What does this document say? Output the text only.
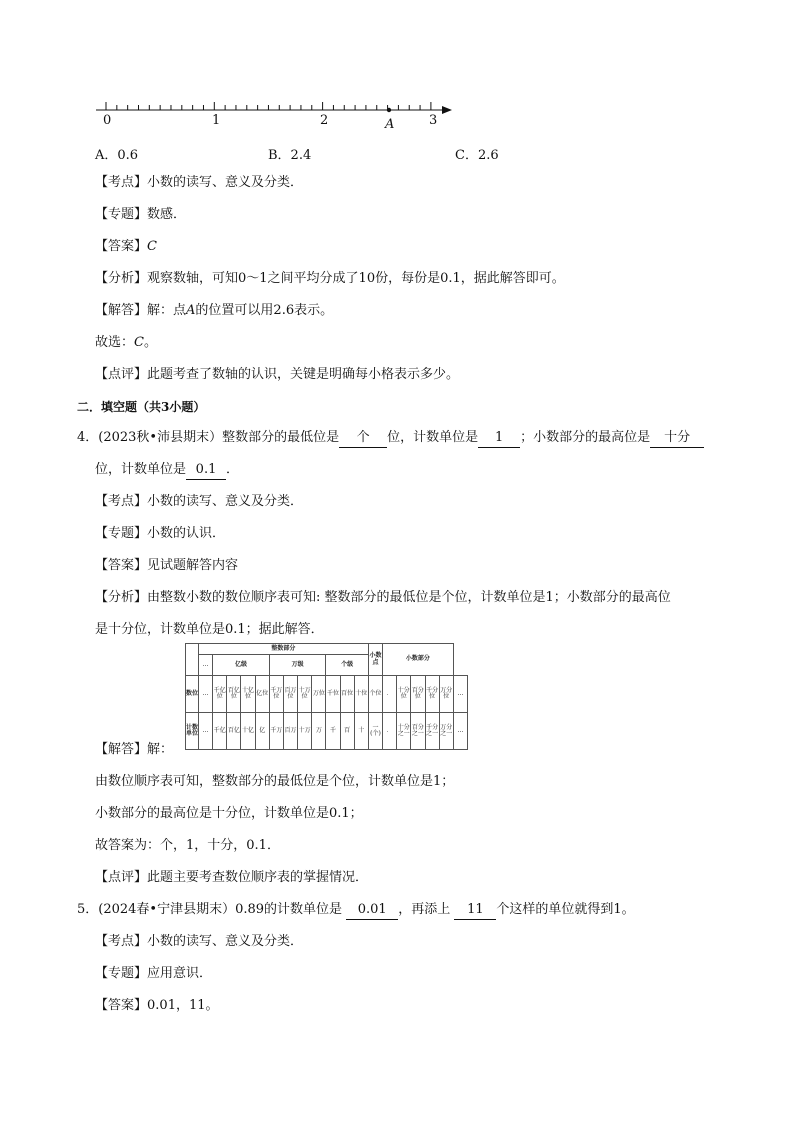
0	1	2	A	3
A．0.6	B．2.4	C．2.6
【考点】小数的读写、意义及分类．
【专题】数感．
【答案】C
【分析】观察数轴，可知0～1之间平均分成了10份，每份是0.1，据此解答即可。
【解答】解：点A的位置可以用2.6表示。
故选：C。
【点评】此题考查了数轴的认识，关键是明确每小格表示多少。
二．填空题（共3小题）
4．(2023秋•沛县期末）整数部分的最低位是 个 位，计数单位是 1 ；小数部分的最高位是 十分
位，计数单位是 0.1 ．
【考点】小数的读写、意义及分类．
【专题】小数的认识．
【答案】见试题解答内容
【分析】由整数小数的数位顺序表可知: 整数部分的最低位是个位，计数单位是1；小数部分的最高位
是十分位，计数单位是0.1；据此解答．
	整数部分												小数点	小数部分					
	…	亿级				万级				个级									
数位	…	千亿位	百亿位	十亿位	亿位	千万位	百万位	十万位	万位	千位	百位	十位	个位	．	十分位	百分位	千分位	万分位	…
计数单位	…	千亿	百亿	十亿	亿	千万	百万	十万	万	千	百	十	一(个)	．	十分之一	百分之一	千分之一	万分之一	…
【解答】解：
由数位顺序表可知，整数部分的最低位是个位，计数单位是1；
小数部分的最高位是十分位，计数单位是0.1；
故答案为：个，1，十分，0.1．
【点评】此题主要考查数位顺序表的掌握情况．
5．(2024春•宁津县期末）0.89的计数单位是 0.01 ，再添上 11 个这样的单位就得到1。
【考点】小数的读写、意义及分类．
【专题】应用意识．
【答案】0.01，11。
